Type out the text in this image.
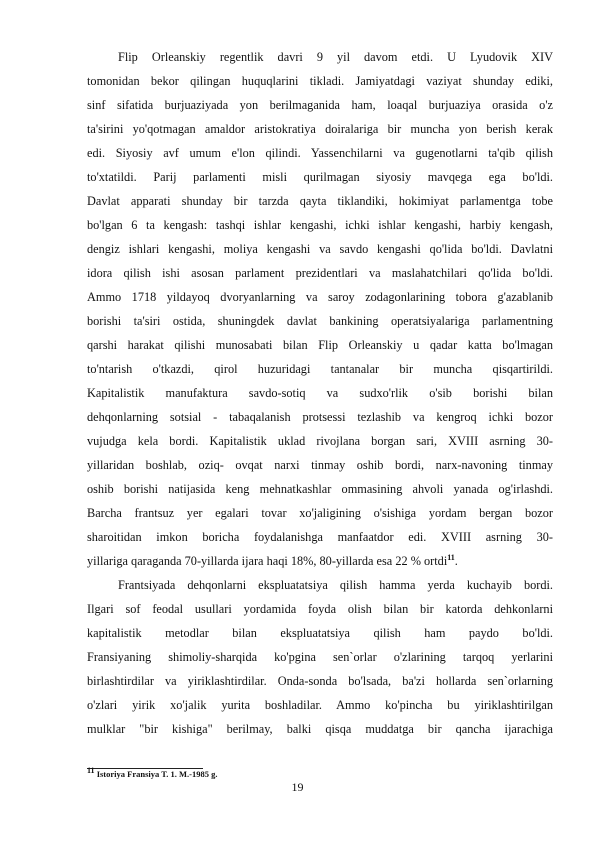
Flip Orleanskiy regentlik davri 9 yil davom etdi. U Lyudovik XIV
tomonidan bekor qilingan huquqlarini tikladi. Jamiyatdagi vaziyat shunday ediki,
sinf sifatida burjuaziyada yon berilmaganida ham, loaqal burjuaziya orasida o'z
ta'sirini yo'qotmagan amaldor aristokratiya doiralariga bir muncha yon berish kerak
edi. Siyosiy avf umum e'lon qilindi. Yassenchilarni va gugenotlarni ta'qib qilish
to'xtatildi. Parij parlamenti misli qurilmagan siyosiy mavqega ega bo'ldi.
Davlat apparati shunday bir tarzda qayta tiklandiki, hokimiyat parlamentga tobe
bo'lgan 6 ta kengash: tashqi ishlar kengashi, ichki ishlar kengashi, harbiy kengash,
dengiz ishlari kengashi, moliya kengashi va savdo kengashi qo'lida bo'ldi. Davlatni
idora qilish ishi asosan parlament prezidentlari va maslahatchilari qo'lida bo'ldi.
Ammo 1718 yildayoq dvoryanlarning va saroy zodagonlarining tobora g'azablanib
borishi ta'siri ostida, shuningdek davlat bankining operatsiyalariga parlamentning
qarshi harakat qilishi munosabati bilan Flip Orleanskiy u qadar katta bo'lmagan
to'ntarish o'tkazdi, qirol huzuridagi tantanalar bir muncha qisqartirildi.
Kapitalistik manufaktura savdo-sotiq va sudxo'rlik o'sib borishi bilan
dehqonlarning sotsial - tabaqalanish protsessi tezlashib va kengroq ichki bozor
vujudga kela bordi. Kapitalistik uklad rivojlana borgan sari, XVIII asrning 30-
yillaridan boshlab, oziq- ovqat narxi tinmay oshib bordi, narx-navoning tinmay
oshib borishi natijasida keng mehnatkashlar ommasining ahvoli yanada og'irlashdi.
Barcha frantsuz yer egalari tovar xo'jaligining o'sishiga yordam bergan bozor
sharoitidan imkon boricha foydalanishga manfaatdor edi. XVIII asrning 30-
yillariga qaraganda 70-yillarda ijara haqi 18%, 80-yillarda esa 22 % ortdi$^{11}$.
Frantsiyada dehqonlarni ekspluatatsiya qilish hamma yerda kuchayib bordi.
Ilgari sof feodal usullari yordamida foyda olish bilan bir katorda dehkonlarni
kapitalistik metodlar bilan ekspluatatsiya qilish ham paydo bo'ldi.
Fransiyaning shimoliy-sharqida ko'pgina sen`orlar o'zlarining tarqoq yerlarini
birlashtirdilar va yiriklashtirdilar. Onda-sonda bo'lsada, ba'zi hollarda sen`orlarning
o'zlari yirik xo'jalik yurita boshladilar. Ammo ko'pincha bu yiriklashtirilgan
mulklar "bir kishiga" berilmay, balki qisqa muddatga bir qancha ijarachiga
$^{11}$ Istoriya Fransiya T. 1. M.-1985 g.
19
